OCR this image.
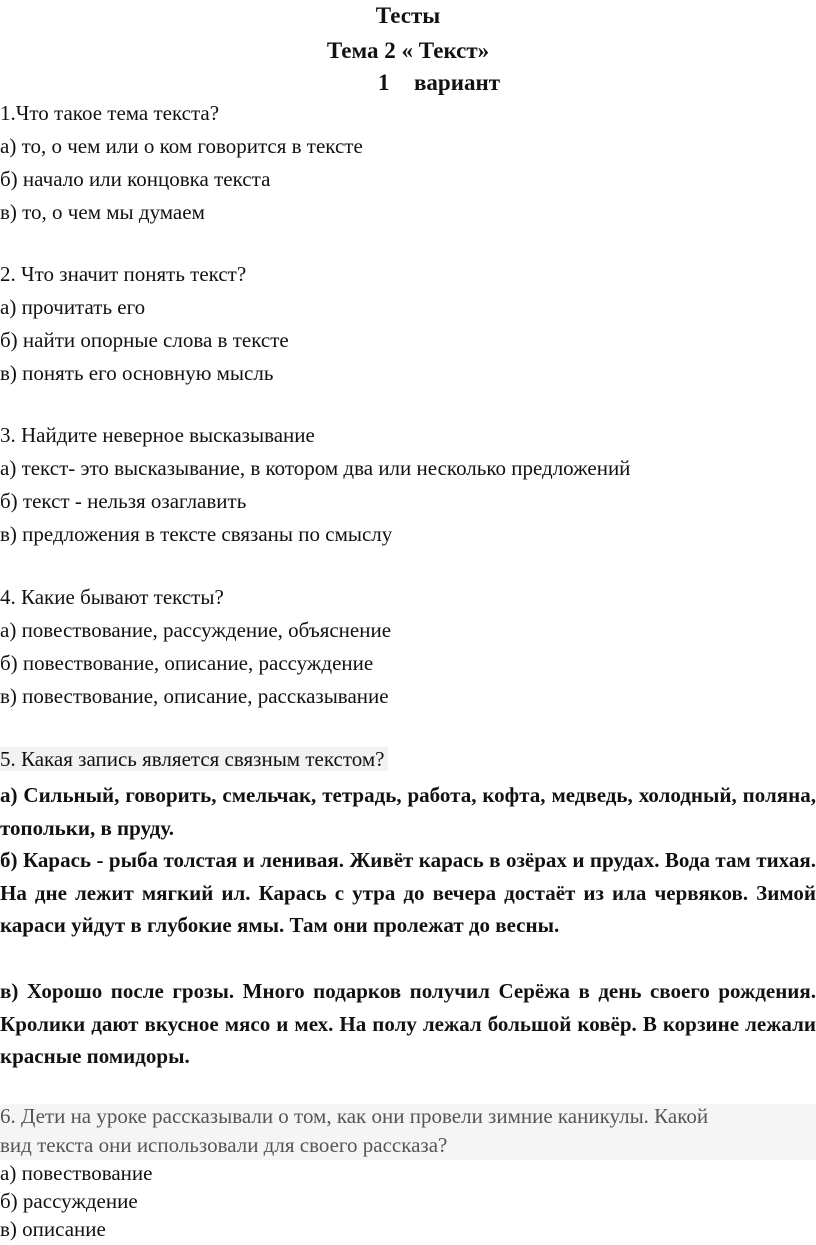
Тесты
Тема 2 « Текст»
1 вариант
1.Что такое тема текста?
а) то, о чем или о ком говорится в тексте
б) начало или концовка текста
в) то, о чем мы думаем
2. Что значит понять текст?
а) прочитать его
б) найти опорные слова в тексте
в) понять его основную мысль
3. Найдите неверное высказывание
а) текст- это высказывание, в котором два или несколько предложений
б) текст - нельзя озаглавить
в) предложения в тексте связаны по смыслу
4. Какие бывают тексты?
а) повествование, рассуждение, объяснение
б) повествование, описание, рассуждение
в) повествование, описание, рассказывание
5. Какая запись является связным текстом?
а) Сильный, говорить, смельчак, тетрадь, работа, кофта, медведь, холодный, поляна, топольки, в пруду.
б) Карась - рыба толстая и ленивая. Живёт карась в озёрах и прудах. Вода там тихая. На дне лежит мягкий ил. Карась с утра до вечера достаёт из ила червяков. Зимой караси уйдут в глубокие ямы. Там они пролежат до весны.
в) Хорошо после грозы. Много подарков получил Серёжа в день своего рождения. Кролики дают вкусное мясо и мех. На полу лежал большой ковёр. В корзине лежали красные помидоры.
6. Дети на уроке рассказывали о том, как они провели зимние каникулы. Какой
вид текста они использовали для своего рассказа?
а) повествование
б) рассуждение
в) описание
